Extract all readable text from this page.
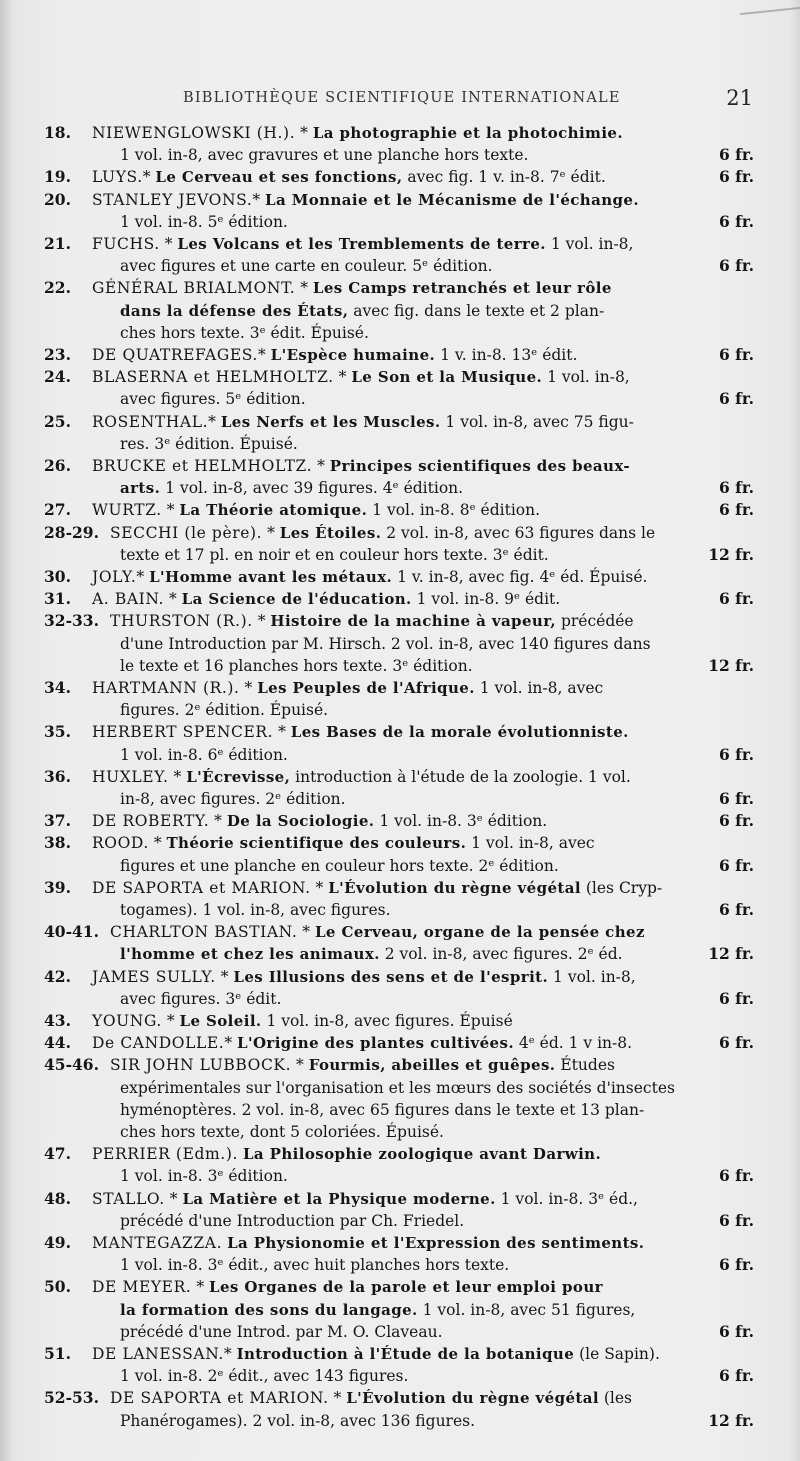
BIBLIOTHÈQUE SCIENTIFIQUE INTERNATIONALE	21
18. NIEWENGLOWSKI (H.). * La photographie et la photochimie.
1 vol. in-8, avec gravures et une planche hors texte.	6 fr.
19. LUYS.* Le Cerveau et ses fonctions, avec fig. 1 v. in-8. 7ᵉ édit.	6 fr.
20. STANLEY JEVONS.* La Monnaie et le Mécanisme de l'échange.
1 vol. in-8. 5ᵉ édition.	6 fr.
21. FUCHS. * Les Volcans et les Tremblements de terre. 1 vol. in-8,
avec figures et une carte en couleur. 5ᵉ édition.	6 fr.
22. GÉNÉRAL BRIALMONT. * Les Camps retranchés et leur rôle
dans la défense des États, avec fig. dans le texte et 2 plan-
ches hors texte. 3ᵉ édit. Épuisé.
23. DE QUATREFAGES.* L'Espèce humaine. 1 v. in-8. 13ᵉ édit.	6 fr.
24. BLASERNA et HELMHOLTZ. * Le Son et la Musique. 1 vol. in-8,
avec figures. 5ᵉ édition.	6 fr.
25. ROSENTHAL.* Les Nerfs et les Muscles. 1 vol. in-8, avec 75 figu-
res. 3ᵉ édition. Épuisé.
26. BRUCKE et HELMHOLTZ. * Principes scientifiques des beaux-
arts. 1 vol. in-8, avec 39 figures. 4ᵉ édition.	6 fr.
27. WURTZ. * La Théorie atomique. 1 vol. in-8. 8ᵉ édition.	6 fr.
28-29. SECCHI (le père). * Les Étoiles. 2 vol. in-8, avec 63 figures dans le
texte et 17 pl. en noir et en couleur hors texte. 3ᵉ édit.	12 fr.
30. JOLY.* L'Homme avant les métaux. 1 v. in-8, avec fig. 4ᵉ éd. Épuisé.
31. A. BAIN. * La Science de l'éducation. 1 vol. in-8. 9ᵉ édit.	6 fr.
32-33. THURSTON (R.). * Histoire de la machine à vapeur, précédée
d'une Introduction par M. Hirsch. 2 vol. in-8, avec 140 figures dans
le texte et 16 planches hors texte. 3ᵉ édition.	12 fr.
34. HARTMANN (R.). * Les Peuples de l'Afrique. 1 vol. in-8, avec
figures. 2ᵉ édition. Épuisé.
35. HERBERT SPENCER. * Les Bases de la morale évolutionniste.
1 vol. in-8. 6ᵉ édition.	6 fr.
36. HUXLEY. * L'Écrevisse, introduction à l'étude de la zoologie. 1 vol.
in-8, avec figures. 2ᵉ édition.	6 fr.
37. DE ROBERTY. * De la Sociologie. 1 vol. in-8. 3ᵉ édition.	6 fr.
38. ROOD. * Théorie scientifique des couleurs. 1 vol. in-8, avec
figures et une planche en couleur hors texte. 2ᵉ édition.	6 fr.
39. DE SAPORTA et MARION. * L'Évolution du règne végétal (les Cryp-
togames). 1 vol. in-8, avec figures.	6 fr.
40-41. CHARLTON BASTIAN. * Le Cerveau, organe de la pensée chez
l'homme et chez les animaux. 2 vol. in-8, avec figures. 2ᵉ éd.	12 fr.
42. JAMES SULLY. * Les Illusions des sens et de l'esprit. 1 vol. in-8,
avec figures. 3ᵉ édit.	6 fr.
43. YOUNG. * Le Soleil. 1 vol. in-8, avec figures. Épuisé
44. De CANDOLLE.* L'Origine des plantes cultivées. 4ᵉ éd. 1 v in-8.	6 fr.
45-46. SIR JOHN LUBBOCK. * Fourmis, abeilles et guêpes. Études
expérimentales sur l'organisation et les mœurs des sociétés d'insectes
hyménoptères. 2 vol. in-8, avec 65 figures dans le texte et 13 plan-
ches hors texte, dont 5 coloriées. Épuisé.
47. PERRIER (Edm.). La Philosophie zoologique avant Darwin.
1 vol. in-8. 3ᵉ édition.	6 fr.
48. STALLO. * La Matière et la Physique moderne. 1 vol. in-8. 3ᵉ éd.,
précédé d'une Introduction par Ch. Friedel.	6 fr.
49. MANTEGAZZA. La Physionomie et l'Expression des sentiments.
1 vol. in-8. 3ᵉ édit., avec huit planches hors texte.	6 fr.
50. DE MEYER. * Les Organes de la parole et leur emploi pour
la formation des sons du langage. 1 vol. in-8, avec 51 figures,
précédé d'une Introd. par M. O. Claveau.	6 fr.
51. DE LANESSAN.* Introduction à l'Étude de la botanique (le Sapin).
1 vol. in-8. 2ᵉ édit., avec 143 figures.	6 fr.
52-53. DE SAPORTA et MARION. * L'Évolution du règne végétal (les
Phanérogames). 2 vol. in-8, avec 136 figures.	12 fr.
